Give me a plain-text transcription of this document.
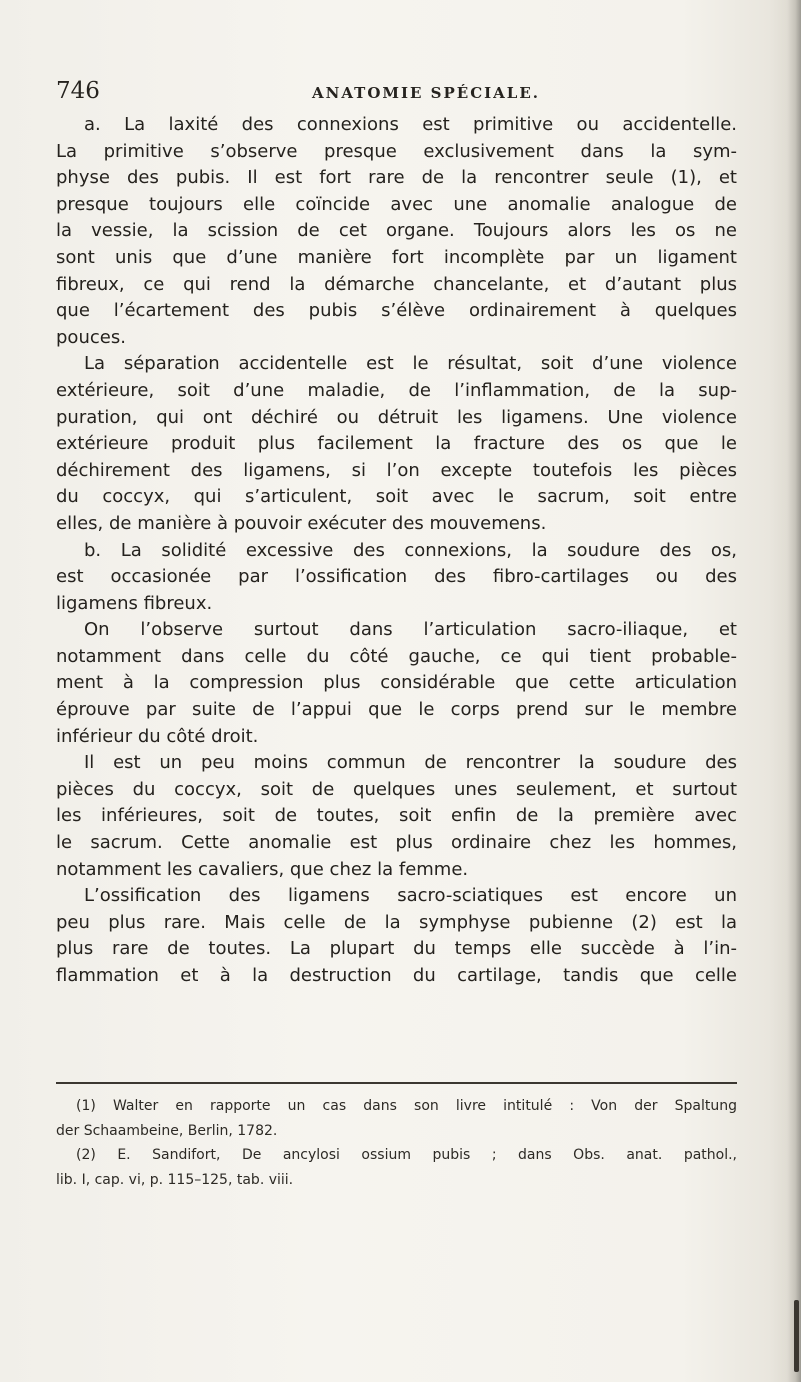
746	ANATOMIE SPÉCIALE.
a. La laxité des connexions est primitive ou accidentelle.
La primitive s’observe presque exclusivement dans la sym-
physe des pubis. Il est fort rare de la rencontrer seule (1), et
presque toujours elle coïncide avec une anomalie analogue de
la vessie, la scission de cet organe. Toujours alors les os ne
sont unis que d’une manière fort incomplète par un ligament
fibreux, ce qui rend la démarche chancelante, et d’autant plus
que l’écartement des pubis s’élève ordinairement à quelques
pouces.
La séparation accidentelle est le résultat, soit d’une violence
extérieure, soit d’une maladie, de l’inflammation, de la sup-
puration, qui ont déchiré ou détruit les ligamens. Une violence
extérieure produit plus facilement la fracture des os que le
déchirement des ligamens, si l’on excepte toutefois les pièces
du coccyx, qui s’articulent, soit avec le sacrum, soit entre
elles, de manière à pouvoir exécuter des mouvemens.
b. La solidité excessive des connexions, la soudure des os,
est occasionée par l’ossification des fibro-cartilages ou des
ligamens fibreux.
On l’observe surtout dans l’articulation sacro-iliaque, et
notamment dans celle du côté gauche, ce qui tient probable-
ment à la compression plus considérable que cette articulation
éprouve par suite de l’appui que le corps prend sur le membre
inférieur du côté droit.
Il est un peu moins commun de rencontrer la soudure des
pièces du coccyx, soit de quelques unes seulement, et surtout
les inférieures, soit de toutes, soit enfin de la première avec
le sacrum. Cette anomalie est plus ordinaire chez les hommes,
notamment les cavaliers, que chez la femme.
L’ossification des ligamens sacro-sciatiques est encore un
peu plus rare. Mais celle de la symphyse pubienne (2) est la
plus rare de toutes. La plupart du temps elle succède à l’in-
flammation et à la destruction du cartilage, tandis que celle
(1) Walter en rapporte un cas dans son livre intitulé : Von der Spaltung
der Schaambeine, Berlin, 1782.
(2) E. Sandifort, De ancylosi ossium pubis ; dans Obs. anat. pathol.,
lib. I, cap. vi, p. 115–125, tab. viii.
